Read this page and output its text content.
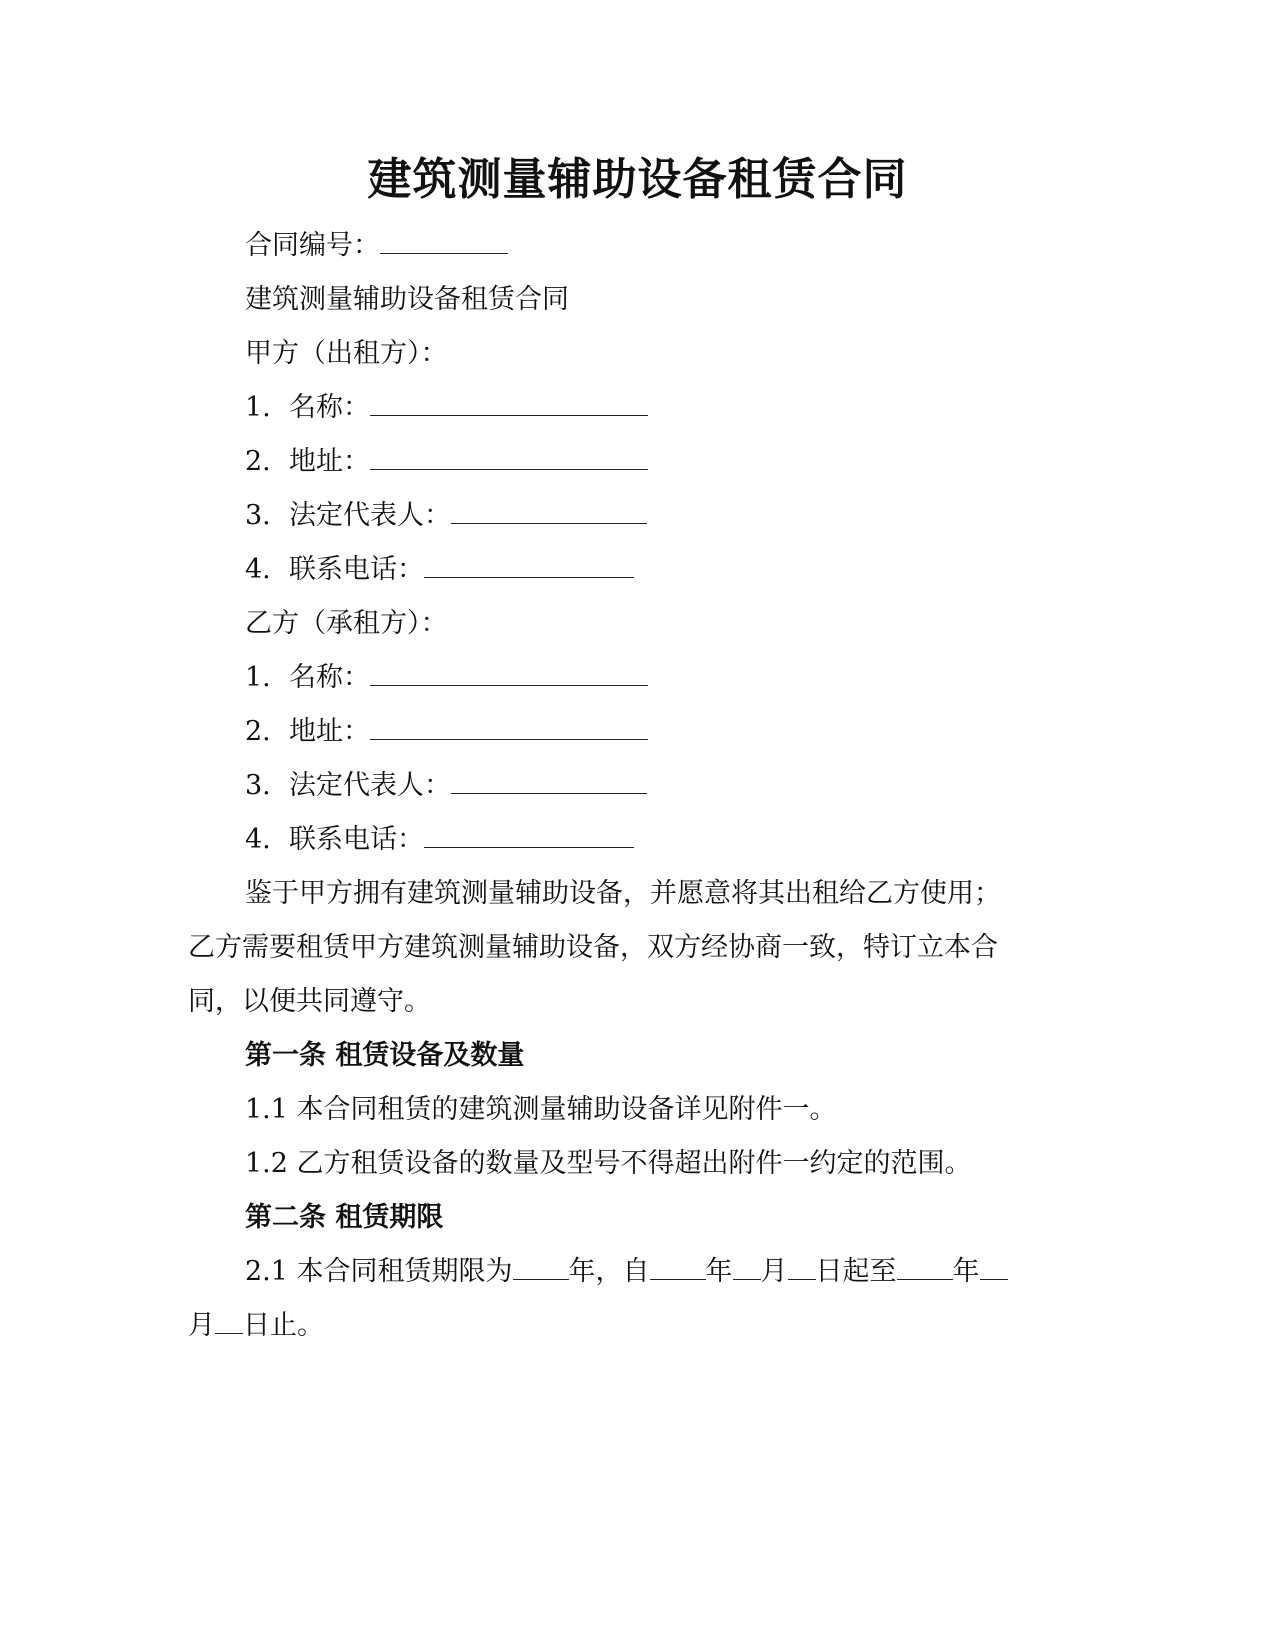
建筑测量辅助设备租赁合同
合同编号：
建筑测量辅助设备租赁合同
甲方（出租方）：
1. 名称：
2. 地址：
3. 法定代表人：
4. 联系电话：
乙方（承租方）：
1. 名称：
2. 地址：
3. 法定代表人：
4. 联系电话：
鉴于甲方拥有建筑测量辅助设备，并愿意将其出租给乙方使用；
乙方需要租赁甲方建筑测量辅助设备，双方经协商一致，特订立本合
同，以便共同遵守。
第一条 租赁设备及数量
1.1 本合同租赁的建筑测量辅助设备详见附件一。
1.2 乙方租赁设备的数量及型号不得超出附件一约定的范围。
第二条 租赁期限
2.1 本合同租赁期限为 年，自 年 月 日起至 年
月 日止。
